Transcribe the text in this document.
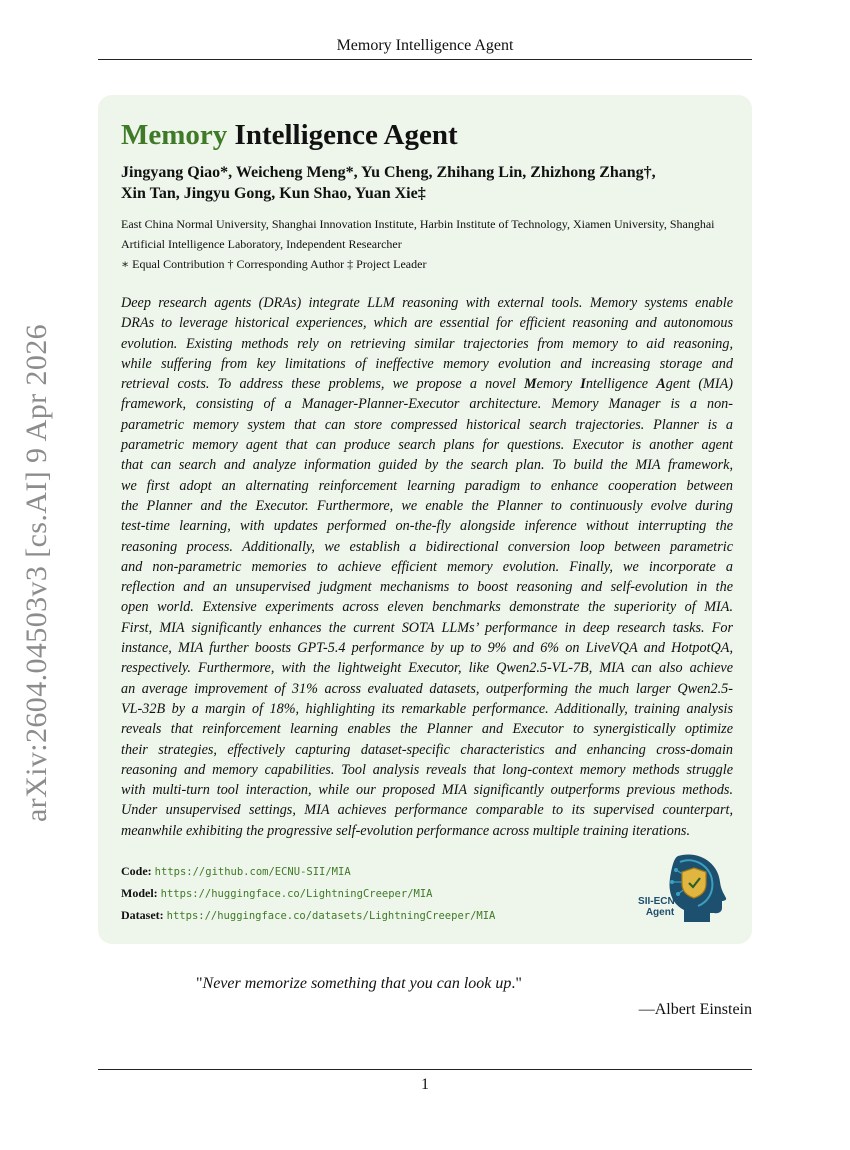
Memory Intelligence Agent
arXiv:2604.04503v3 [cs.AI] 9 Apr 2026
Memory Intelligence Agent
Jingyang Qiao*, Weicheng Meng*, Yu Cheng, Zhihang Lin, Zhizhong Zhang†,
Xin Tan, Jingyu Gong, Kun Shao, Yuan Xie‡
East China Normal University, Shanghai Innovation Institute, Harbin Institute of Technology, Xiamen University, Shanghai
Artificial Intelligence Laboratory, Independent Researcher
∗ Equal Contribution † Corresponding Author ‡ Project Leader
Deep research agents (DRAs) integrate LLM reasoning with external tools. Memory systems enable
DRAs to leverage historical experiences, which are essential for efficient reasoning and autonomous
evolution. Existing methods rely on retrieving similar trajectories from memory to aid reasoning,
while suffering from key limitations of ineffective memory evolution and increasing storage and
retrieval costs. To address these problems, we propose a novel Memory Intelligence Agent (MIA)
framework, consisting of a Manager-Planner-Executor architecture. Memory Manager is a non-
parametric memory system that can store compressed historical search trajectories. Planner is a
parametric memory agent that can produce search plans for questions. Executor is another agent
that can search and analyze information guided by the search plan. To build the MIA framework,
we first adopt an alternating reinforcement learning paradigm to enhance cooperation between
the Planner and the Executor. Furthermore, we enable the Planner to continuously evolve during
test-time learning, with updates performed on-the-fly alongside inference without interrupting the
reasoning process. Additionally, we establish a bidirectional conversion loop between parametric
and non-parametric memories to achieve efficient memory evolution. Finally, we incorporate a
reflection and an unsupervised judgment mechanisms to boost reasoning and self-evolution in the
open world. Extensive experiments across eleven benchmarks demonstrate the superiority of MIA.
First, MIA significantly enhances the current SOTA LLMs’ performance in deep research tasks. For
instance, MIA further boosts GPT-5.4 performance by up to 9% and 6% on LiveVQA and HotpotQA,
respectively. Furthermore, with the lightweight Executor, like Qwen2.5-VL-7B, MIA can also achieve
an average improvement of 31% across evaluated datasets, outperforming the much larger Qwen2.5-
VL-32B by a margin of 18%, highlighting its remarkable performance. Additionally, training analysis
reveals that reinforcement learning enables the Planner and Executor to synergistically optimize
their strategies, effectively capturing dataset-specific characteristics and enhancing cross-domain
reasoning and memory capabilities. Tool analysis reveals that long-context memory methods struggle
with multi-turn tool interaction, while our proposed MIA significantly outperforms previous methods.
Under unsupervised settings, MIA achieves performance comparable to its supervised counterpart,
meanwhile exhibiting the progressive self-evolution performance across multiple training iterations.
Code: https://github.com/ECNU-SII/MIA
Model: https://huggingface.co/LightningCreeper/MIA
Dataset: https://huggingface.co/datasets/LightningCreeper/MIA
SII-ECNU
Agent
"Never memorize something that you can look up."
—Albert Einstein
1
